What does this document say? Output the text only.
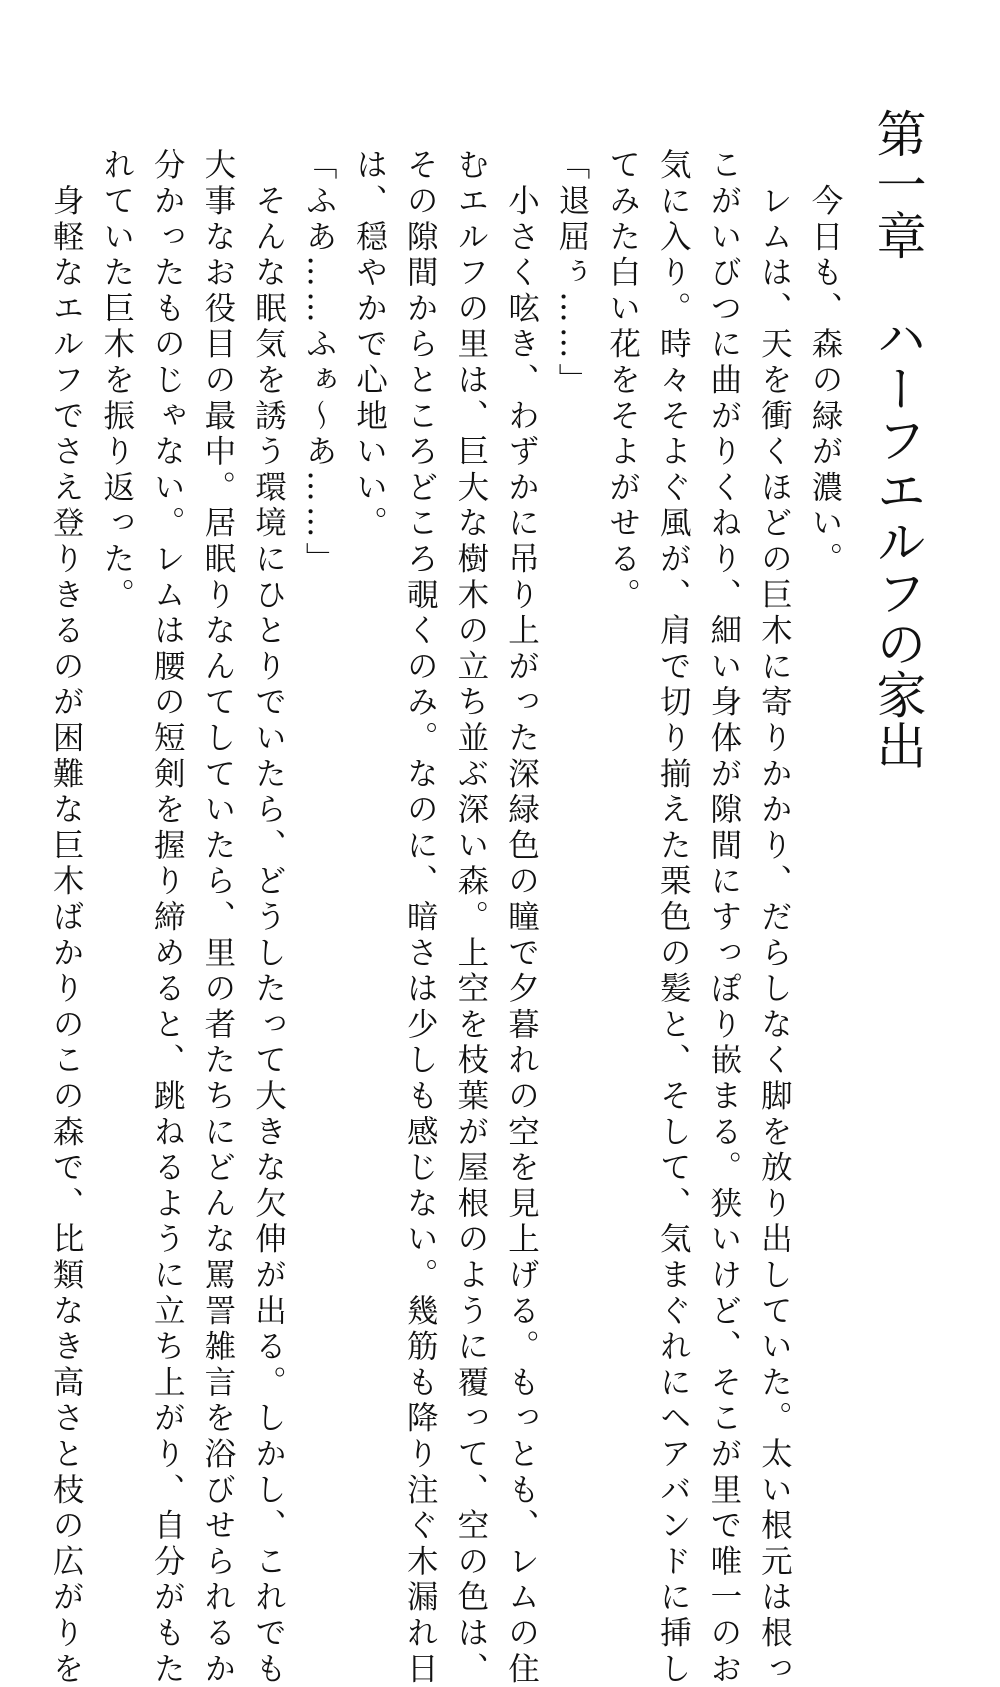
第一章　ハーフエルフの家出
　今日も、森の緑が濃い。
　レムは、天を衝くほどの巨木に寄りかかり、だらしなく脚を放り出していた。太い根元は根っ
こがいびつに曲がりくねり、細い身体が隙間にすっぽり嵌まる。狭いけど、そこが里で唯一のお
気に入り。時々そよぐ風が、肩で切り揃えた栗色の髪と、そして、気まぐれにヘアバンドに挿し
てみた白い花をそよがせる。
「退屈ぅ……」
　小さく呟き、わずかに吊り上がった深緑色の瞳で夕暮れの空を見上げる。もっとも、レムの住
むエルフの里は、巨大な樹木の立ち並ぶ深い森。上空を枝葉が屋根のように覆って、空の色は、
その隙間からところどころ覗くのみ。なのに、暗さは少しも感じない。幾筋も降り注ぐ木漏れ日
は、穏やかで心地いい。
「ふあ……ふぁ～あ……」
　そんな眠気を誘う環境にひとりでいたら、どうしたって大きな欠伸が出る。しかし、これでも
大事なお役目の最中。居眠りなんてしていたら、里の者たちにどんな罵詈雑言を浴びせられるか
分かったものじゃない。レムは腰の短剣を握り締めると、跳ねるように立ち上がり、自分がもた
れていた巨木を振り返った。
　身軽なエルフでさえ登りきるのが困難な巨木ばかりのこの森で、比類なき高さと枝の広がりを
